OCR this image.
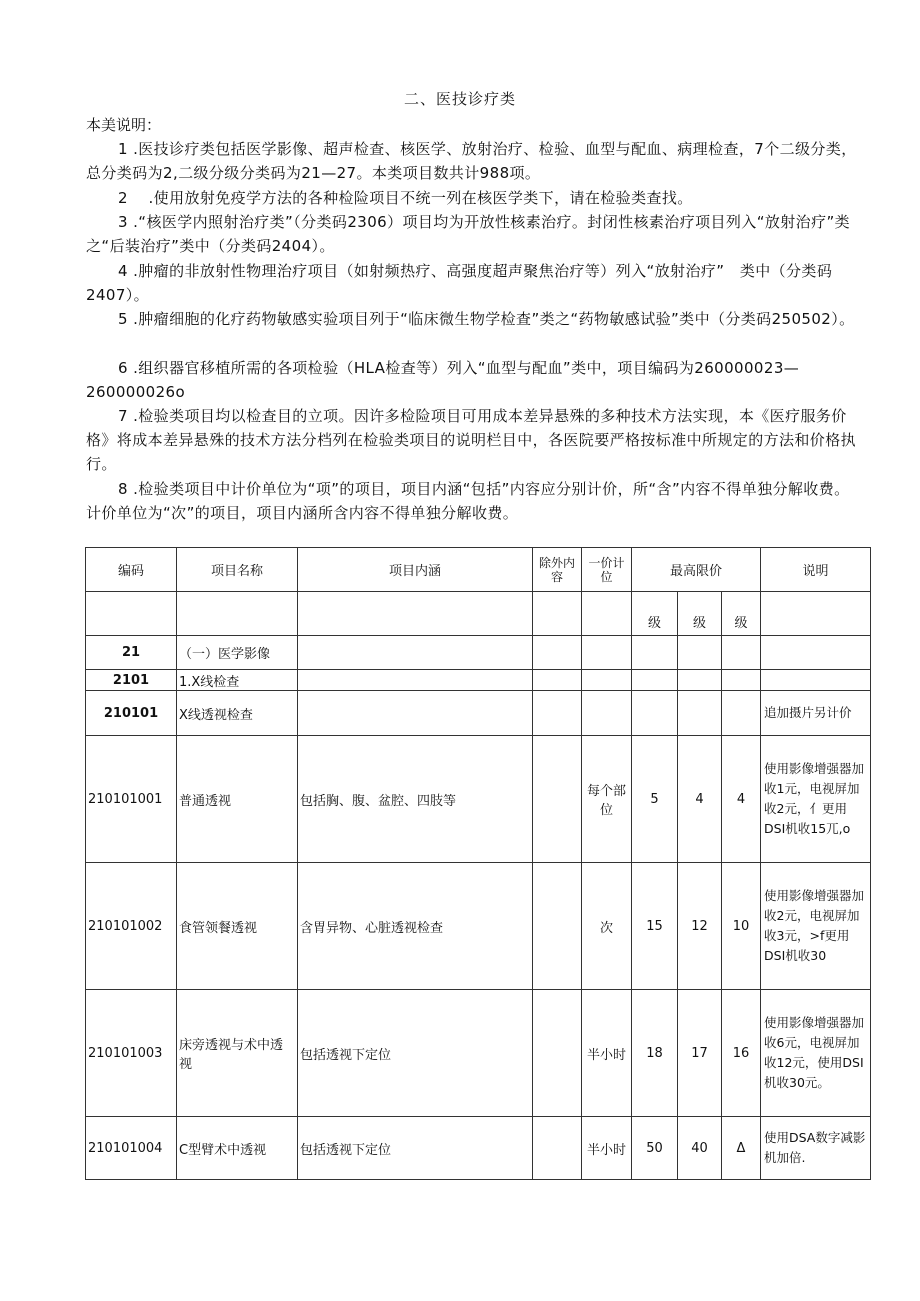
二、医技诊疗类
本美说明：
1 .医技诊疗类包括医学影像、超声检查、核医学、放射治疗、检验、血型与配血、病理检查，7个二级分类，总分类码为2,二级分级分类码为21—27。本类项目数共计988项。
2　 .使用放射免疫学方法的各种检险项目不统一列在核医学类下，请在检验类查找。
3 .“核医学内照射治疗类”（分类码2306）项目均为开放性核素治疗。封闭性核素治疗项目列入“放射治疗”类之“后装治疗”类中（分类码2404）。
4 .肿瘤的非放射性物理治疗项目（如射频热疗、高强度超声聚焦治疗等）列入“放射治疗”　类中（分类码2407）。
5 .肿瘤细胞的化疗药物敏感实验项目列于“临床微生物学检查”类之“药物敏感试验”类中（分类码250502）。
6 .组织器官移植所需的各项检验（HLA检查等）列入“血型与配血”类中，项目编码为260000023—260000026o
7 .检验类项目均以检查目的立项。因许多检险项目可用成本差异悬殊的多种技术方法实现，本《医疗服务价格》将成本差异悬殊的技术方法分档列在检验类项目的说明栏目中，各医院要严格按标准中所规定的方法和价格执行。
8 .检验类项目中计价单位为“项”的项目，项目内涵“包括”内容应分别计价，所“含”内容不得单独分解收费。计价单位为“次”的项目，项目内涵所含内容不得单独分解收费。
编码	项目名称	项目内涵	除外内容	一价计位	最高限价			说明
					级	级	级	
21	（一）医学影像							
2101	1.X线检查							
210101	X线透视检查							追加摄片另计价
210101001	普通透视	包括胸、腹、盆腔、四肢等		每个部位	5	4	4	使用影像增强器加收1元，电视屏加收2元，亻更用DSI机收15兀,o
210101002	食管领餐透视	含胃异物、心脏透视检查		次	15	12	10	使用影像增强器加收2元，电视屏加收3元，>f更用DSI机收30
210101003	床旁透视与术中透视	包括透视下定位		半小时	18	17	16	使用影像增强器加收6元，电视屏加收12元，使用DSI机收30元。
210101004	C型臂术中透视	包括透视下定位		半小时	50	40	Δ	使用DSA数字减影机加倍.
